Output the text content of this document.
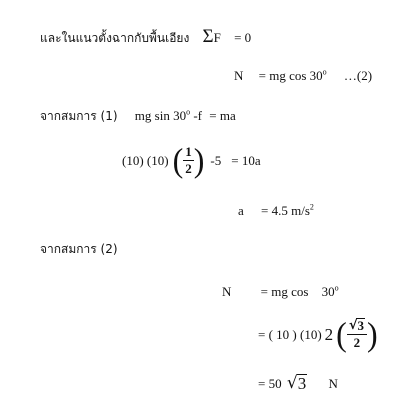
และในแนวตั้งฉากกับพื้นเอียง ΣF = 0
N = mg cos 30$^o$ …(2)
จากสมการ (1) mg sin 30$^o$ -f = ma
(10) (10) ( $\frac{1}{2}$ ) -5 = 10a
a = 4.5 $m/s^2$
จากสมการ (2)
N = mg $\cos 30^o$
= ( 10 ) (10) 2 ( $\frac{√ 3}{2}$ )
= 50 √ 3 N
